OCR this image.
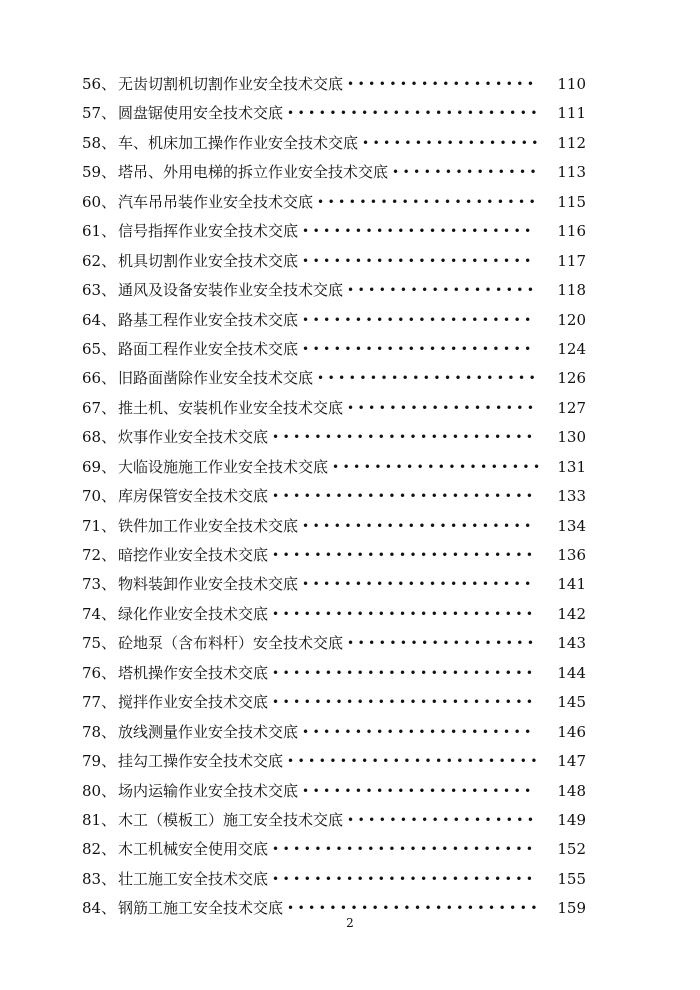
56、 无齿切割机切割作业安全技术交底 ••••••••••••••••••	110
57、 圆盘锯使用安全技术交底 ••••••••••••••••••••••••	111
58、 车、机床加工操作作业安全技术交底 •••••••••••••••••	112
59、 塔吊、外用电梯的拆立作业安全技术交底 ••••••••••••••	113
60、 汽车吊吊装作业安全技术交底 •••••••••••••••••••••	115
61、 信号指挥作业安全技术交底 ••••••••••••••••••••••	116
62、 机具切割作业安全技术交底 ••••••••••••••••••••••	117
63、 通风及设备安装作业安全技术交底 ••••••••••••••••••	118
64、 路基工程作业安全技术交底 ••••••••••••••••••••••	120
65、 路面工程作业安全技术交底 ••••••••••••••••••••••	124
66、 旧路面凿除作业安全技术交底 •••••••••••••••••••••	126
67、 推土机、安装机作业安全技术交底 ••••••••••••••••••	127
68、 炊事作业安全技术交底 •••••••••••••••••••••••••	130
69、 大临设施施工作业安全技术交底 •••••••••••••••••••• 131
70、 库房保管安全技术交底 •••••••••••••••••••••••••	133
71、 铁件加工作业安全技术交底 ••••••••••••••••••••••	134
72、 暗挖作业安全技术交底 •••••••••••••••••••••••••	136
73、 物料装卸作业安全技术交底 ••••••••••••••••••••••	141
74、 绿化作业安全技术交底 •••••••••••••••••••••••••	142
75、 砼地泵（含布料杆）安全技术交底 ••••••••••••••••••	143
76、 塔机操作安全技术交底 •••••••••••••••••••••••••	144
77、 搅拌作业安全技术交底 •••••••••••••••••••••••••	145
78、 放线测量作业安全技术交底 ••••••••••••••••••••••	146
79、 挂勾工操作安全技术交底 ••••••••••••••••••••••••	147
80、 场内运输作业安全技术交底 ••••••••••••••••••••••	148
81、 木工（模板工）施工安全技术交底 ••••••••••••••••••	149
82、 木工机械安全使用交底 •••••••••••••••••••••••••	152
83、 壮工施工安全技术交底 •••••••••••••••••••••••••	155
84、 钢筋工施工安全技术交底 ••••••••••••••••••••••••	159
2
